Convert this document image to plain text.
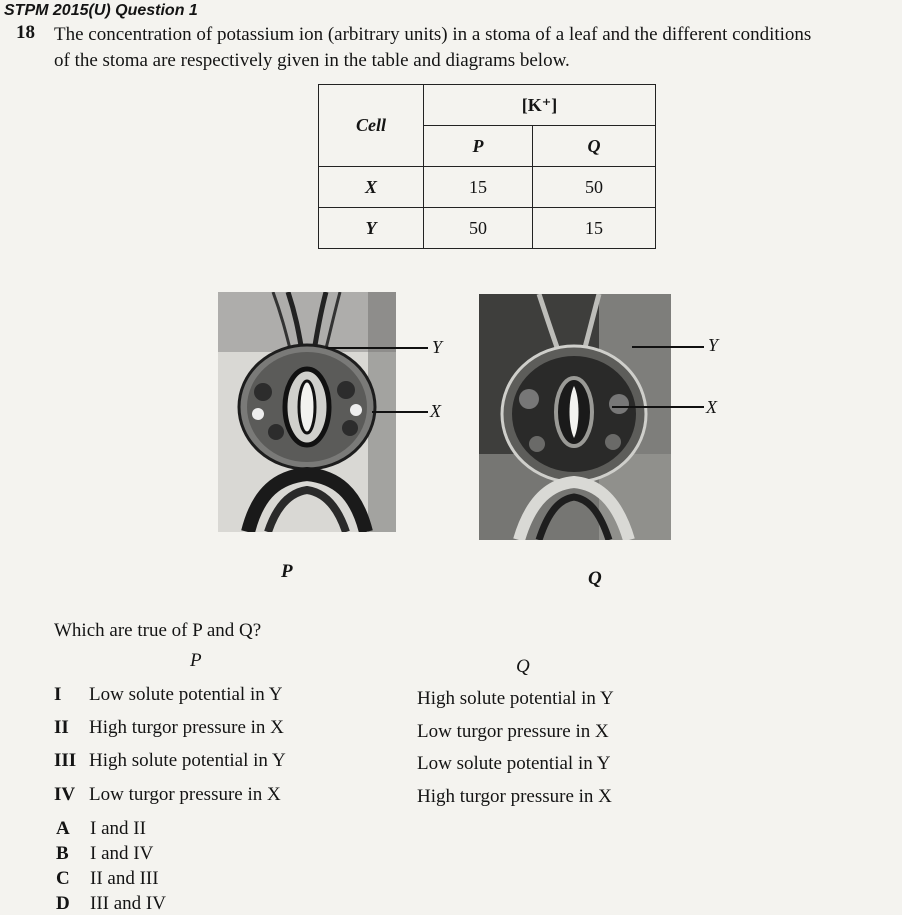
STPM 2015(U) Question 1
18 The concentration of potassium ion (arbitrary units) in a stoma of a leaf and the different conditions
of the stoma are respectively given in the table and diagrams below.
Cell	[K⁺]	
	P	Q
X	15	50
Y	50	15
Y
X
P
Y
X
Q
Which are true of P and Q?
P	Q
I Low solute potential in Y	High solute potential in Y
II High turgor pressure in X	Low turgor pressure in X
III High solute potential in Y	Low solute potential in Y
IV Low turgor pressure in X	High turgor pressure in X
A I and II
B I and IV
C II and III
D III and IV
